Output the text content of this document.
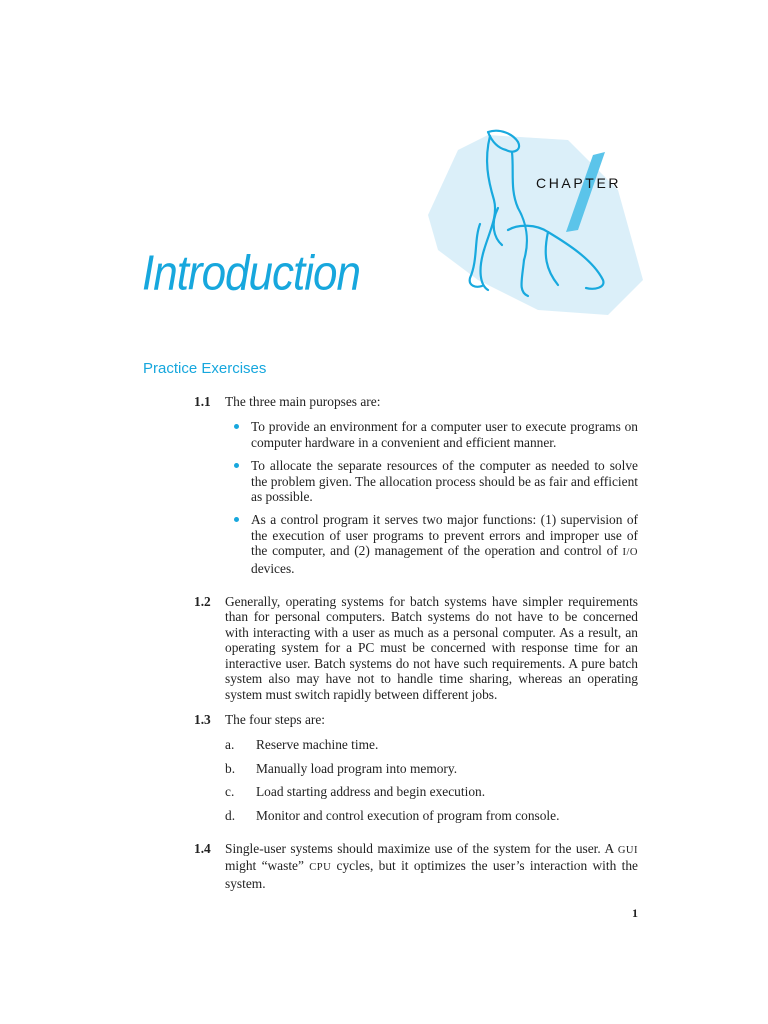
CHAPTER
Introduction
Practice Exercises
1.1	The three main puropses are:

To provide an environment for a computer user to execute programs on computer hardware in a convenient and efficient manner.
To allocate the separate resources of the computer as needed to solve the problem given. The allocation process should be as fair and efficient as possible.
As a control program it serves two major functions: (1) supervision of the execution of user programs to prevent errors and improper use of the computer, and (2) management of the operation and control of I/O devices.
1.2	Generally, operating systems for batch systems have simpler requirements than for personal computers. Batch systems do not have to be concerned with interacting with a user as much as a personal computer. As a result, an operating system for a PC must be concerned with response time for an interactive user. Batch systems do not have such requirements. A pure batch system also may have not to handle time sharing, whereas an operating system must switch rapidly between different jobs.

1.3	The four steps are:

a.	Reserve machine time.
b.	Manually load program into memory.
c.	Load starting address and begin execution.
d.	Monitor and control execution of program from console.
1.4	Single-user systems should maximize use of the system for the user. A GUI might “waste” CPU cycles, but it optimizes the user’s interaction with the system.

1
